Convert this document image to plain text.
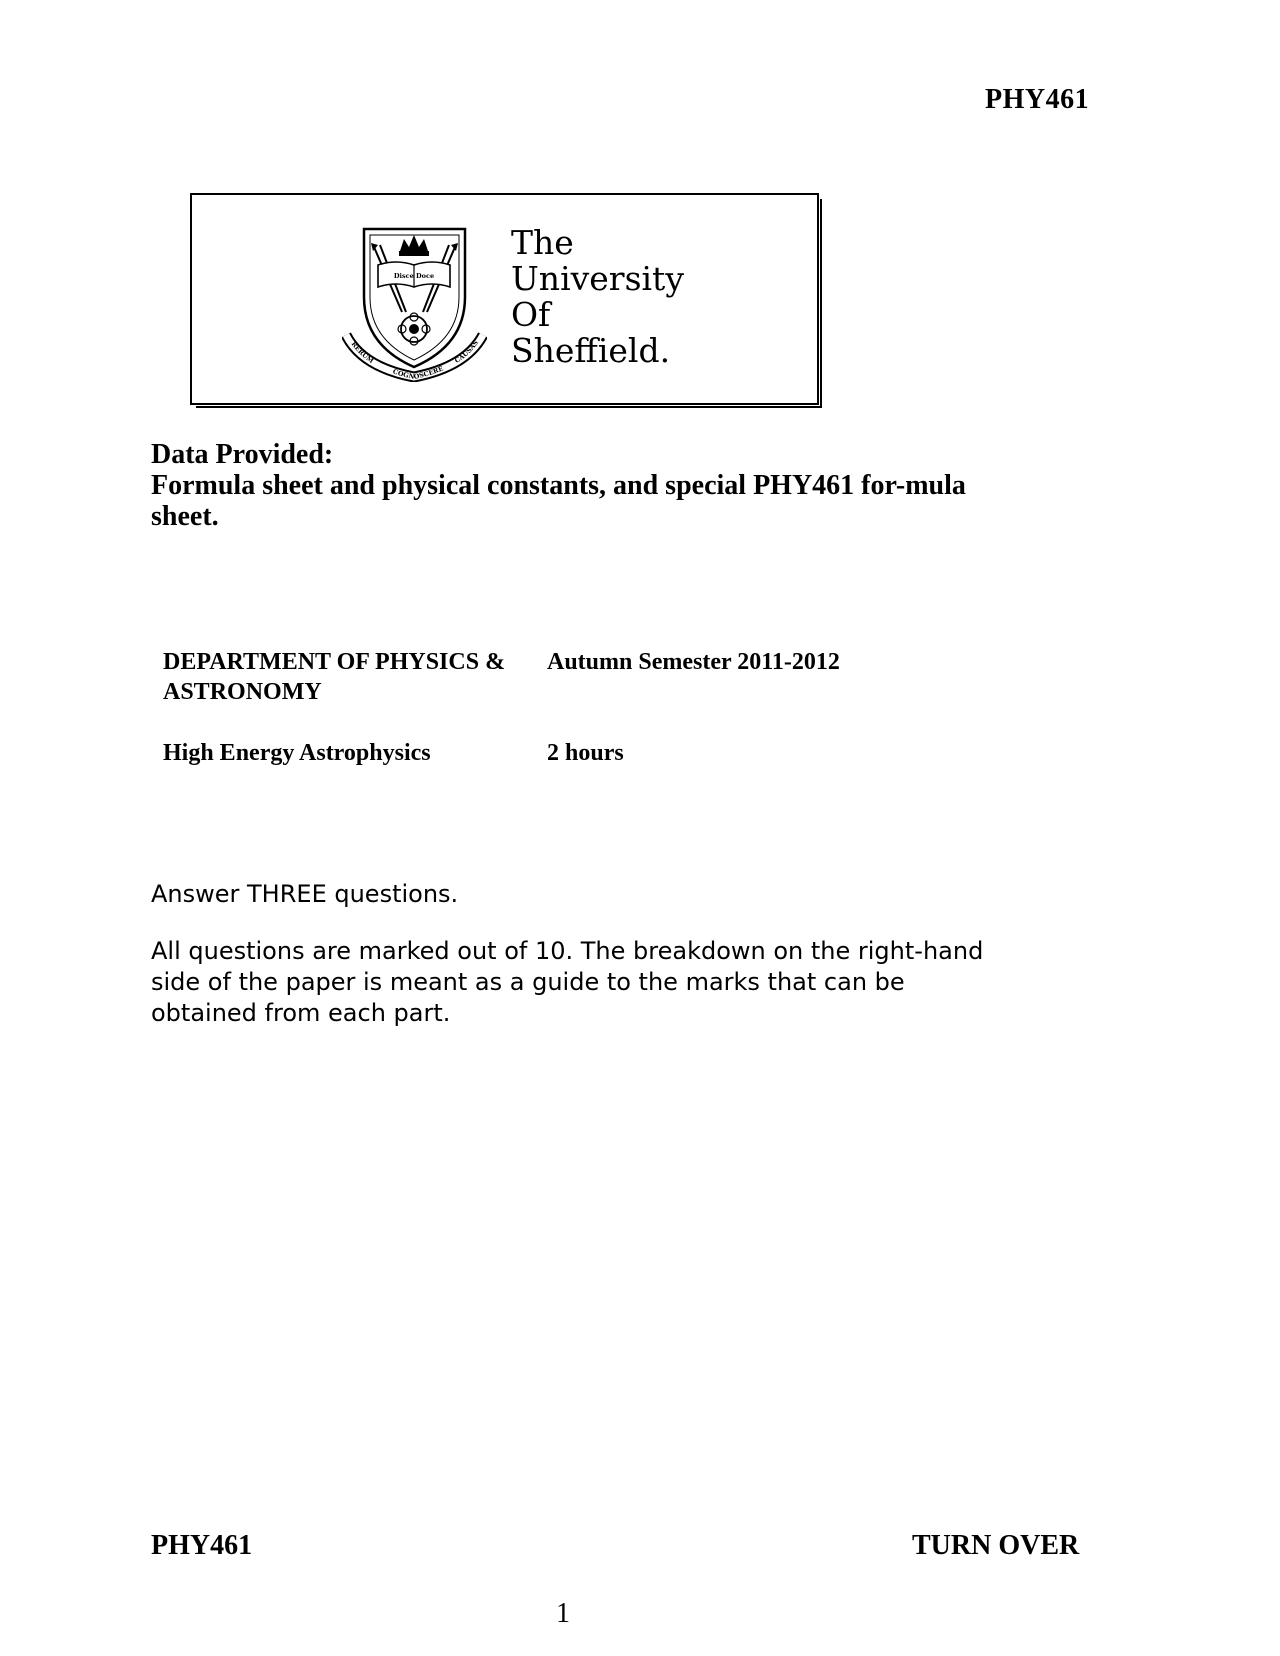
PHY461
Disce Doce
RERUM
COGNOSCERE
CAUSAS
The
University
Of
Sheffield.
Data Provided:
Formula sheet and physical constants, and special PHY461 for-mula sheet.
DEPARTMENT OF PHYSICS & ASTRONOMY
Autumn Semester 2011-2012
High Energy Astrophysics	2 hours
Answer THREE questions.
All questions are marked out of 10. The breakdown on the right-hand side of the paper is meant as a guide to the marks that can be obtained from each part.
PHY461	TURN OVER
1
